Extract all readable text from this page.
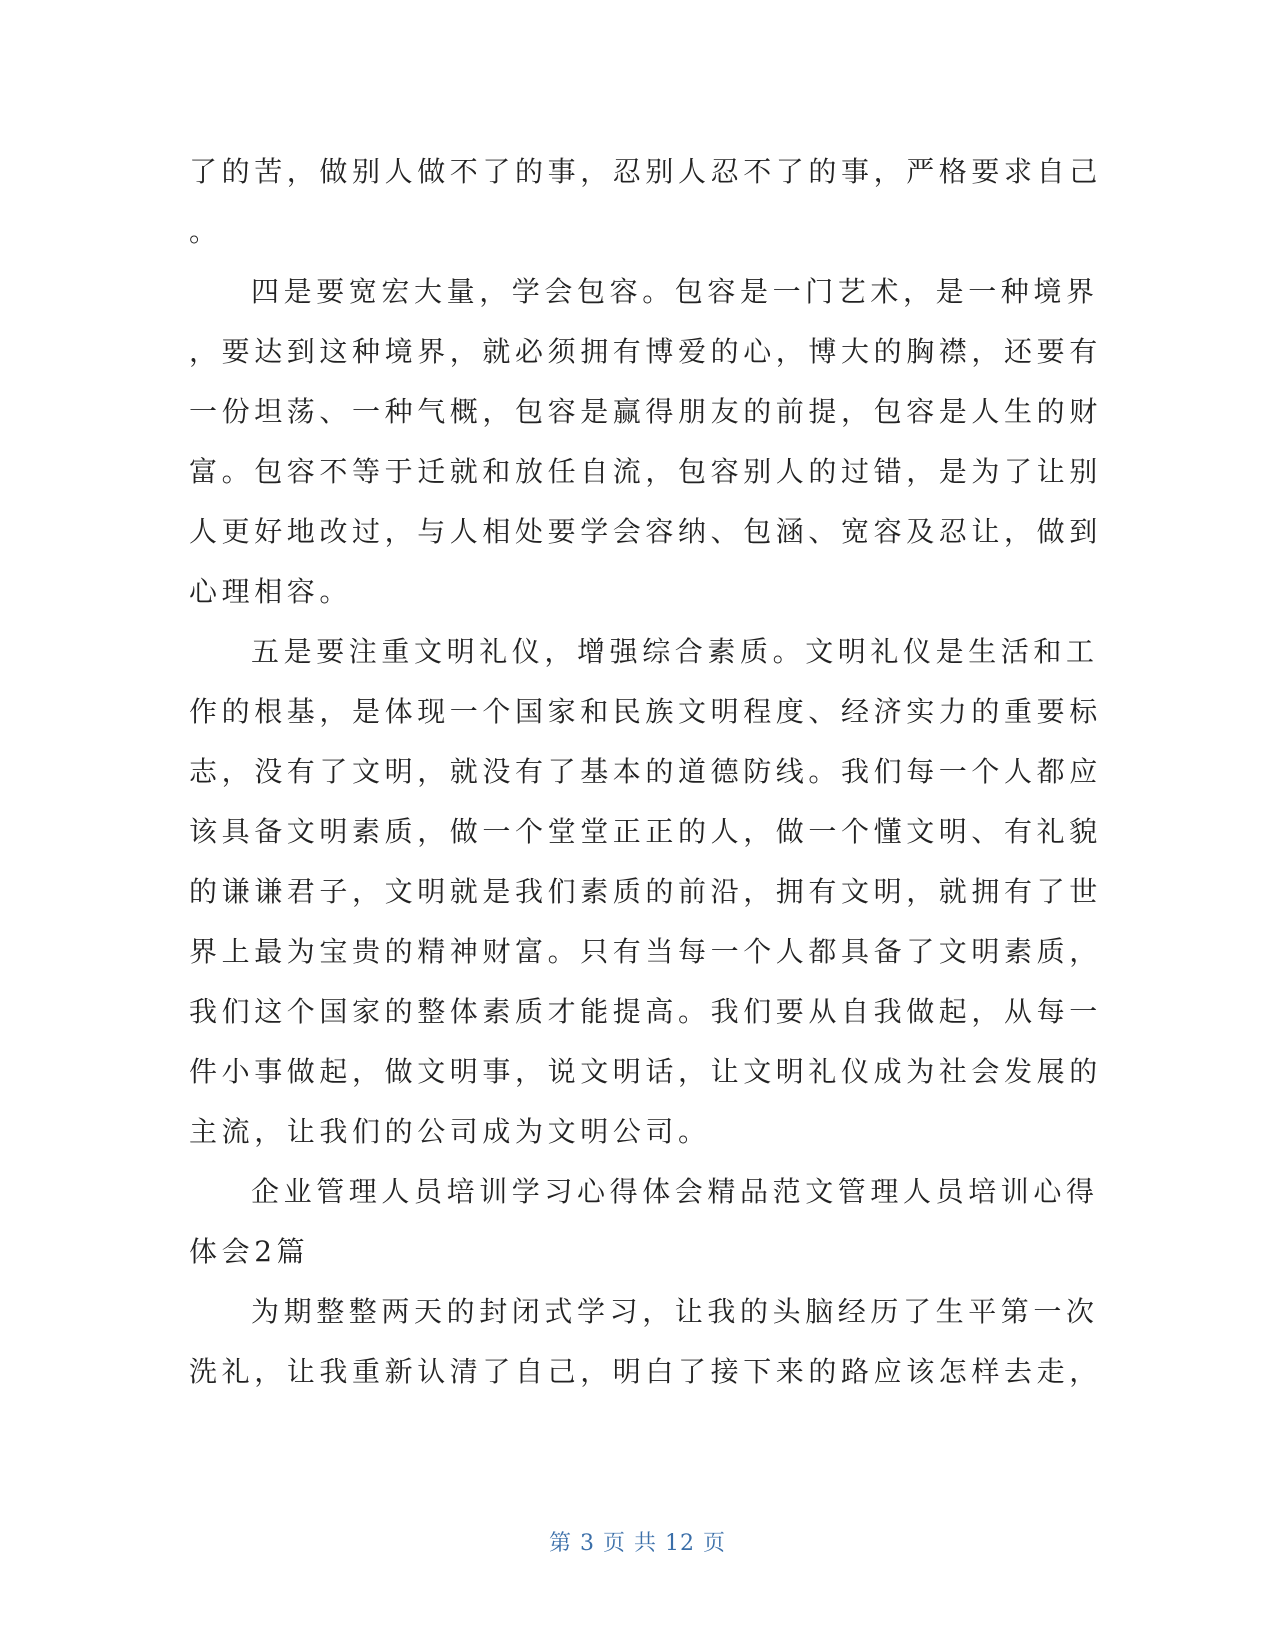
了的苦，做别人做不了的事，忍别人忍不了的事，严格要求自己
。
四是要宽宏大量，学会包容。包容是一门艺术，是一种境界
，要达到这种境界，就必须拥有博爱的心，博大的胸襟，还要有
一份坦荡、一种气概，包容是赢得朋友的前提，包容是人生的财
富。包容不等于迁就和放任自流，包容别人的过错，是为了让别
人更好地改过，与人相处要学会容纳、包涵、宽容及忍让，做到
心理相容。
五是要注重文明礼仪，增强综合素质。文明礼仪是生活和工
作的根基，是体现一个国家和民族文明程度、经济实力的重要标
志，没有了文明，就没有了基本的道德防线。我们每一个人都应
该具备文明素质，做一个堂堂正正的人，做一个懂文明、有礼貌
的谦谦君子，文明就是我们素质的前沿，拥有文明，就拥有了世
界上最为宝贵的精神财富。只有当每一个人都具备了文明素质，
我们这个国家的整体素质才能提高。我们要从自我做起，从每一
件小事做起，做文明事，说文明话，让文明礼仪成为社会发展的
主流，让我们的公司成为文明公司。
企业管理人员培训学习心得体会精品范文管理人员培训心得
体会2篇
为期整整两天的封闭式学习，让我的头脑经历了生平第一次
洗礼，让我重新认清了自己，明白了接下来的路应该怎样去走，
第 3 页 共 12 页
